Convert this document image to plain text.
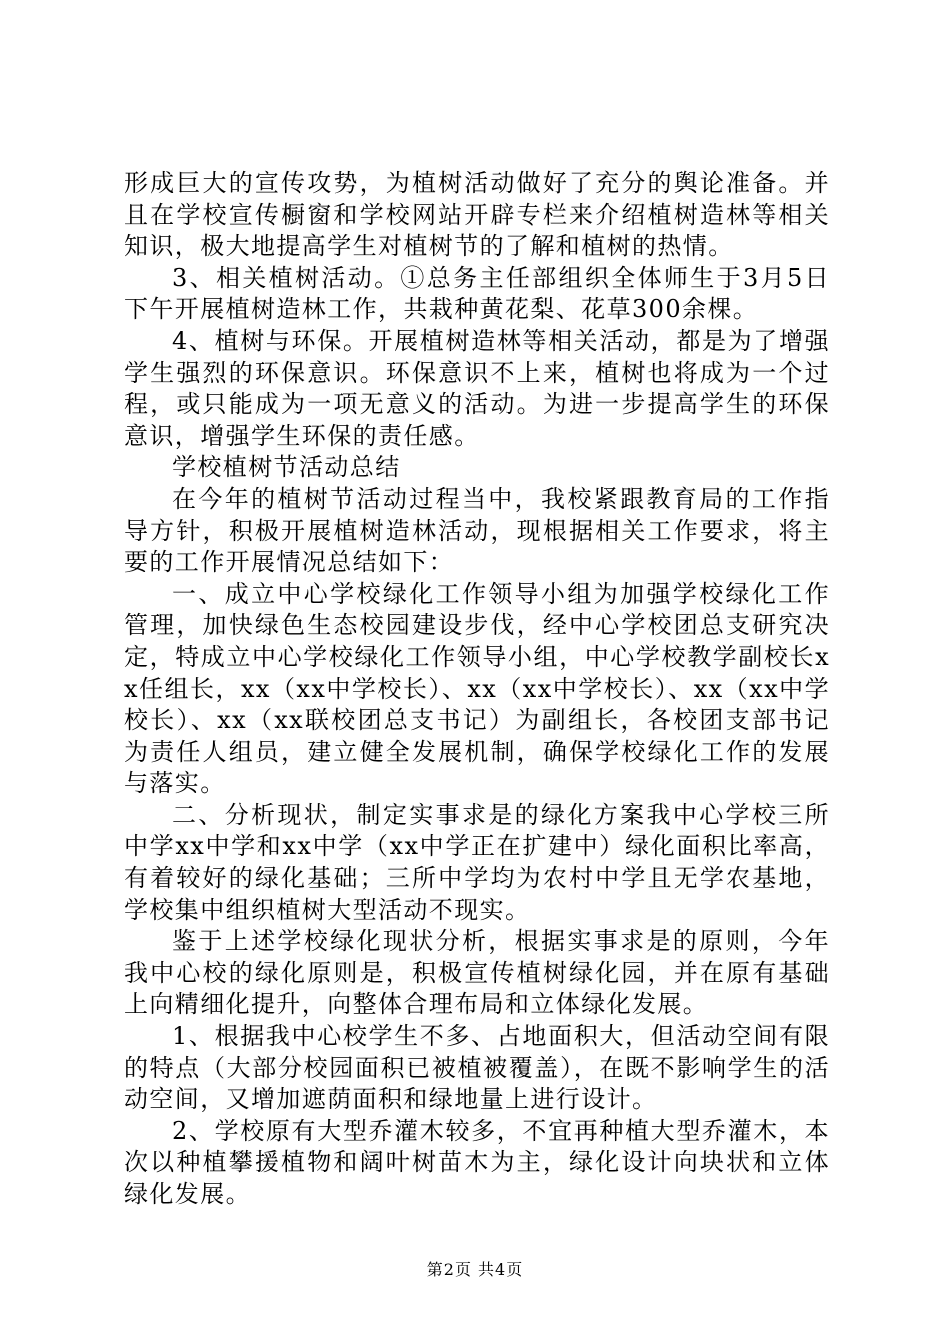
形成巨大的宣传攻势，为植树活动做好了充分的舆论准备。并且在学校宣传橱窗和学校网站开辟专栏来介绍植树造林等相关知识，极大地提高学生对植树节的了解和植树的热情。

3、相关植树活动。①总务主任部组织全体师生于3月5日下午开展植树造林工作，共栽种黄花梨、花草300余棵。

4、植树与环保。开展植树造林等相关活动，都是为了增强学生强烈的环保意识。环保意识不上来，植树也将成为一个过程，或只能成为一项无意义的活动。为进一步提高学生的环保意识，增强学生环保的责任感。

学校植树节活动总结

在今年的植树节活动过程当中，我校紧跟教育局的工作指导方针，积极开展植树造林活动，现根据相关工作要求，将主要的工作开展情况总结如下：

一、成立中心学校绿化工作领导小组为加强学校绿化工作管理，加快绿色生态校园建设步伐，经中心学校团总支研究决定，特成立中心学校绿化工作领导小组，中心学校教学副校长xx任组长，xx（xx中学校长）、xx（xx中学校长）、xx（xx中学校长）、xx（xx联校团总支书记）为副组长，各校团支部书记为责任人组员，建立健全发展机制，确保学校绿化工作的发展与落实。

二、分析现状，制定实事求是的绿化方案我中心学校三所中学xx中学和xx中学（xx中学正在扩建中）绿化面积比率高，有着较好的绿化基础；三所中学均为农村中学且无学农基地，学校集中组织植树大型活动不现实。

鉴于上述学校绿化现状分析，根据实事求是的原则，今年我中心校的绿化原则是，积极宣传植树绿化园，并在原有基础上向精细化提升，向整体合理布局和立体绿化发展。

1、根据我中心校学生不多、占地面积大，但活动空间有限的特点（大部分校园面积已被植被覆盖），在既不影响学生的活动空间，又增加遮荫面积和绿地量上进行设计。

2、学校原有大型乔灌木较多，不宜再种植大型乔灌木，本次以种植攀援植物和阔叶树苗木为主，绿化设计向块状和立体绿化发展。

第2页 共4页
